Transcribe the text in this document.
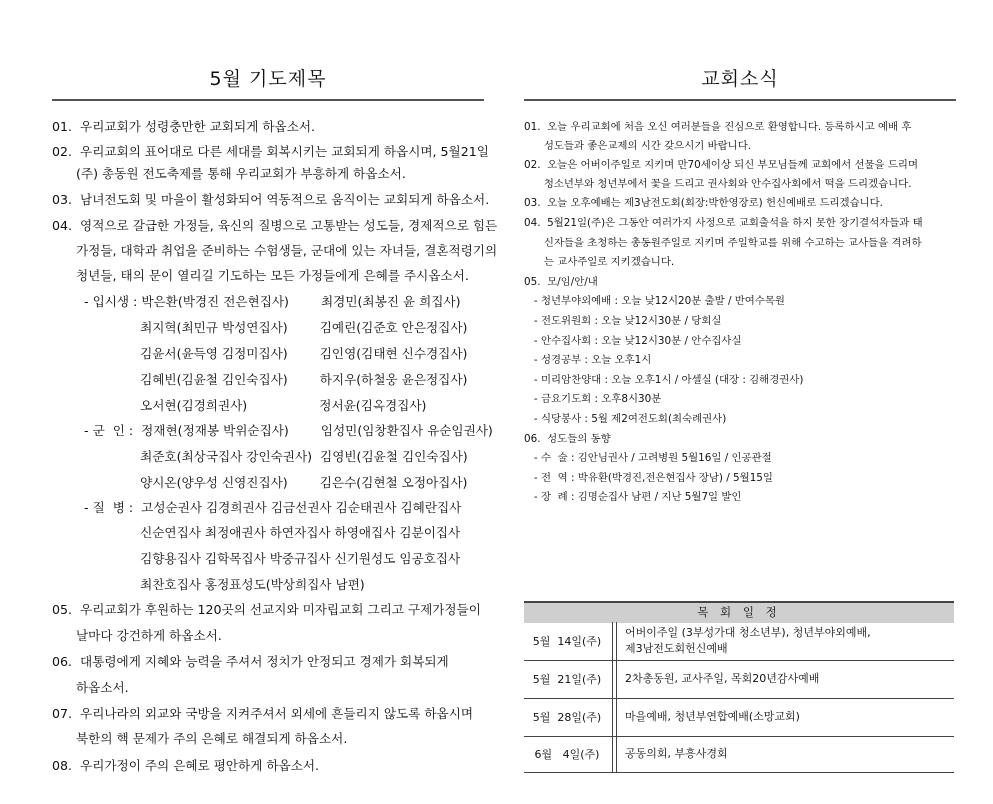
5월 기도제목
01.  우리교회가 성령충만한 교회되게 하옵소서.
02.  우리교회의 표어대로 다른 세대를 회복시키는 교회되게 하옵시며, 5월21일
(주) 총동원 전도축제를 통해 우리교회가 부흥하게 하옵소서.
03.  남녀전도회 및 마을이 활성화되어 역동적으로 움직이는 교회되게 하옵소서.
04.  영적으로 갈급한 가정들, 육신의 질병으로 고통받는 성도들, 경제적으로 힘든
가정들, 대학과 취업을 준비하는 수험생들, 군대에 있는 자녀들, 결혼적령기의
청년들, 태의 문이 열리길 기도하는 모든 가정들에게 은혜를 주시옵소서.
- 입시생 : 박은환(박경진 전은현집사)        최경민(최봉진 윤 희집사)
최지혁(최민규 박성연집사)        김예린(김준호 안은정집사)
김윤서(윤득영 김정미집사)        김인영(김태현 신수경집사)
김혜빈(김윤철 김인숙집사)        하지우(하철웅 윤은정집사)
오서현(김경희권사)                  정서윤(김옥경집사)
- 군  인 :  정재현(정재봉 박위순집사)        임성민(임창환집사 유순임권사)
최준호(최상국집사 강인숙권사)  김영빈(김윤철 김인숙집사)
양시온(양우성 신영진집사)        김은수(김현철 오정아집사)
- 질  병 :  고성순권사 김경희권사 김금선권사 김순태권사 김혜란집사
신순연집사 최정애권사 하연자집사 하영애집사 김분이집사
김향용집사 김학목집사 박중규집사 신기원성도 임공호집사
최찬호집사 홍정표성도(박상희집사 남편)
05.  우리교회가 후원하는 120곳의 선교지와 미자립교회 그리고 구제가정들이
날마다 강건하게 하옵소서.
06.  대통령에게 지혜와 능력을 주셔서 정치가 안정되고 경제가 회복되게
하옵소서.
07.  우리나라의 외교와 국방을 지켜주셔서 외세에 흔들리지 않도록 하옵시며
북한의 핵 문제가 주의 은혜로 해결되게 하옵소서.
08.  우리가정이 주의 은혜로 평안하게 하옵소서.
교회소식
01.  오늘 우리교회에 처음 오신 여러분들을 진심으로 환영합니다. 등록하시고 예배 후
성도들과 좋은교제의 시간 갖으시기 바랍니다.
02.  오늘은 어버이주일로 지키며 만70세이상 되신 부모님들께 교회에서 선물을 드리며
청소년부와 청년부에서 꽃을 드리고 권사회와 안수집사회에서 떡을 드리겠습니다.
03.  오늘 오후예배는 제3남전도회(회장:박한영장로) 헌신예배로 드리겠습니다.
04.  5월21일(주)은 그동안 여러가지 사정으로 교회출석을 하지 못한 장기결석자들과 태
신자들을 초청하는 총동원주일로 지키며 주일학교를 위해 수고하는 교사들을 격려하
는 교사주일로 지키겠습니다.
05.  모/임/안/내
- 청년부야외예배 : 오늘 낮12시20분 출발 / 반여수목원
- 전도위원회 : 오늘 낮12시30분 / 당회실
- 안수집사회 : 오늘 낮12시30분 / 안수집사실
- 성경공부 : 오늘 오후1시
- 미리암찬양대 : 오늘 오후1시 / 아셀실 (대장 : 김해경권사)
- 금요기도회 : 오후8시30분
- 식당봉사 : 5월 제2여전도회(최숙례권사)
06.  성도들의 동향
- 수  술 : 김안님권사 / 고려병원 5월16일 / 인공관절
- 전  역 : 박유환(박경진,전은현집사 장남) / 5월15일
- 장  례 : 김명순집사 남편 / 지난 5월7일 발인
목 회 일 정
5월  14일(주)
어버이주일 (3부성가대 청소년부), 청년부야외예배,
제3남전도회헌신예배
5월  21일(주)	2차총동원, 교사주일, 목회20년감사예배
5월  28일(주)	마을예배, 청년부연합예배(소망교회)
6월   4일(주)	공동의회, 부흥사경회
